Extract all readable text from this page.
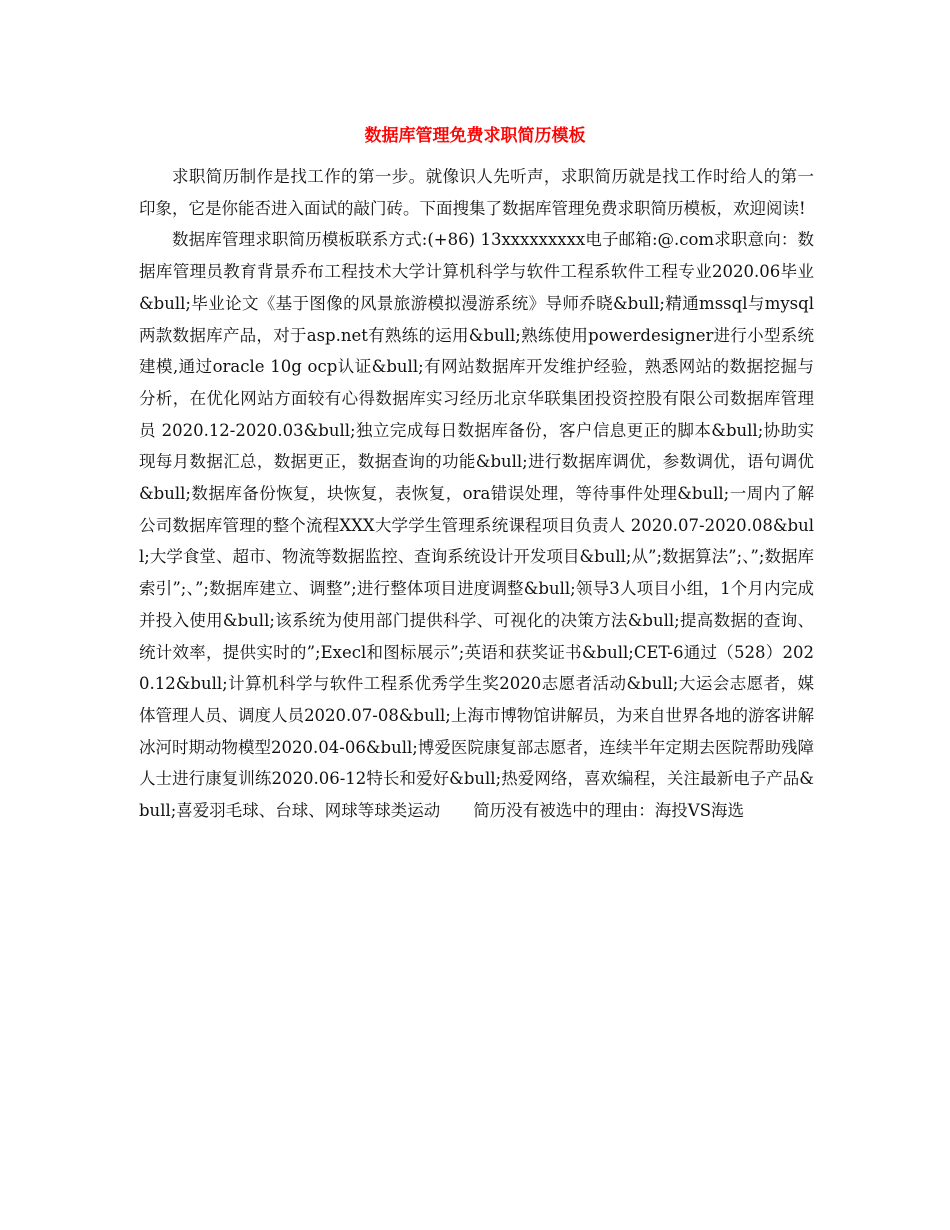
数据库管理免费求职简历模板

求职简历制作是找工作的第一步。就像识人先听声，求职简历就是找工作时给人的第一印象，它是你能否进入面试的敲门砖。下面搜集了数据库管理免费求职简历模板，欢迎阅读!

数据库管理求职简历模板联系方式:(+86) 13xxxxxxxxx电子邮箱:@.com求职意向：数据库管理员教育背景乔布工程技术大学计算机科学与软件工程系软件工程专业2020.06毕业&bull;毕业论文《基于图像的风景旅游模拟漫游系统》导师乔晓&bull;精通mssql与mysql两款数据库产品，对于asp.net有熟练的运用&bull;熟练使用powerdesigner进行小型系统建模,通过oracle 10g ocp认证&bull;有网站数据库开发维护经验，熟悉网站的数据挖掘与分析，在优化网站方面较有心得数据库实习经历北京华联集团投资控股有限公司数据库管理员 2020.12-2020.03&bull;独立完成每日数据库备份，客户信息更正的脚本&bull;协助实现每月数据汇总，数据更正，数据查询的功能&bull;进行数据库调优，参数调优，语句调优&bull;数据库备份恢复，块恢复，表恢复，ora错误处理，等待事件处理&bull;一周内了解公司数据库管理的整个流程XXX大学学生管理系统课程项目负责人 2020.07-2020.08&bull;大学食堂、超市、物流等数据监控、查询系统设计开发项目&bull;从”;数据算法”;、”;数据库索引”;、”;数据库建立、调整”;进行整体项目进度调整&bull;领导3人项目小组，1个月内完成并投入使用&bull;该系统为使用部门提供科学、可视化的决策方法&bull;提高数据的查询、统计效率，提供实时的”;Execl和图标展示”;英语和获奖证书&bull;CET-6通过（528）2020.12&bull;计算机科学与软件工程系优秀学生奖2020志愿者活动&bull;大运会志愿者，媒体管理人员、调度人员2020.07-08&bull;上海市博物馆讲解员，为来自世界各地的游客讲解冰河时期动物模型2020.04-06&bull;博爱医院康复部志愿者，连续半年定期去医院帮助残障人士进行康复训练2020.06-12特长和爱好&bull;热爱网络，喜欢编程，关注最新电子产品&bull;喜爱羽毛球、台球、网球等球类运动　　简历没有被选中的理由：海投VS海选
